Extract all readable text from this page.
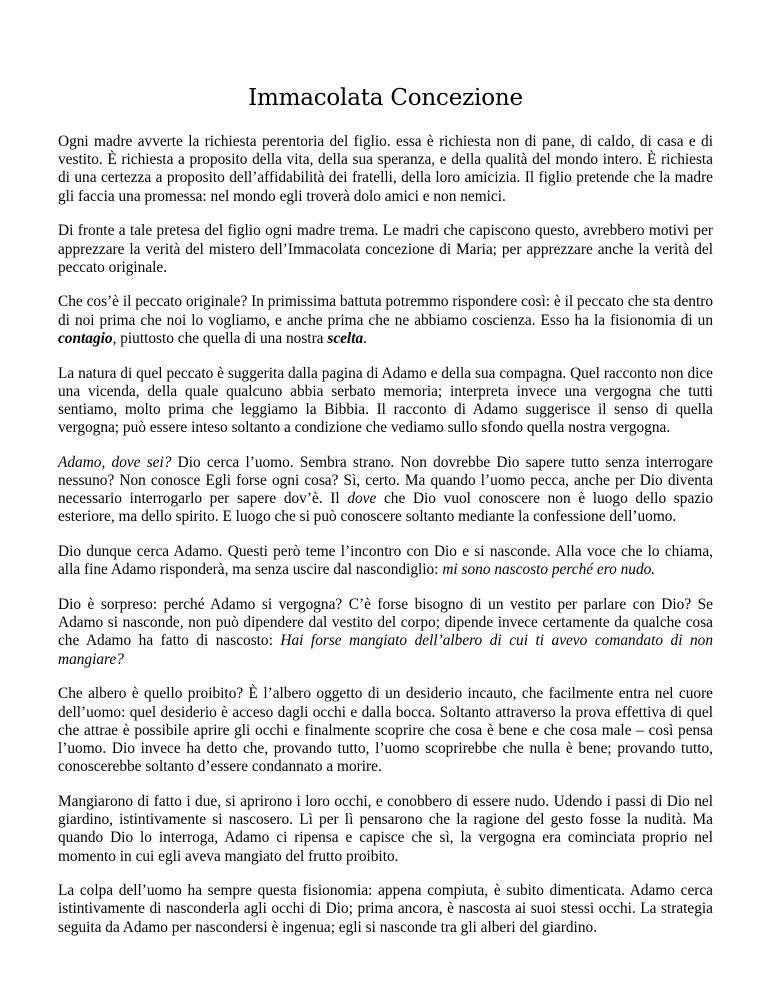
Immacolata Concezione

Ogni madre avverte la richiesta perentoria del figlio. essa è richiesta non di pane, di caldo, di casa e di vestito. È richiesta a proposito della vita, della sua speranza, e della qualità del mondo intero. È richiesta di una certezza a proposito dell’affidabilità dei fratelli, della loro amicizia. Il figlio pretende che la madre gli faccia una promessa: nel mondo egli troverà dolo amici e non nemici.

Di fronte a tale pretesa del figlio ogni madre trema. Le madri che capiscono questo, avrebbero motivi per apprezzare la verità del mistero dell’Immacolata concezione di Maria; per apprezzare anche la verità del peccato originale.

Che cos’è il peccato originale? In primissima battuta potremmo rispondere così: è il peccato che sta dentro di noi prima che noi lo vogliamo, e anche prima che ne abbiamo coscienza. Esso ha la fisionomia di un contagio, piuttosto che quella di una nostra scelta.

La natura di quel peccato è suggerita dalla pagina di Adamo e della sua compagna. Quel racconto non dice una vicenda, della quale qualcuno abbia serbato memoria; interpreta invece una vergogna che tutti sentiamo, molto prima che leggiamo la Bibbia. Il racconto di Adamo suggerisce il senso di quella vergogna; può essere inteso soltanto a condizione che vediamo sullo sfondo quella nostra vergogna.

Adamo, dove sei? Dio cerca l’uomo. Sembra strano. Non dovrebbe Dio sapere tutto senza interrogare nessuno? Non conosce Egli forse ogni cosa? Sì, certo. Ma quando l’uomo pecca, anche per Dio diventa necessario interrogarlo per sapere dov’è. Il dove che Dio vuol conoscere non è luogo dello spazio esteriore, ma dello spirito. E luogo che si può conoscere soltanto mediante la confessione dell’uomo.

Dio dunque cerca Adamo. Questi però teme l’incontro con Dio e si nasconde. Alla voce che lo chiama, alla fine Adamo risponderà, ma senza uscire dal nascondiglio: mi sono nascosto perché ero nudo.

Dio è sorpreso: perché Adamo si vergogna? C’è forse bisogno di un vestito per parlare con Dio? Se Adamo si nasconde, non può dipendere dal vestito del corpo; dipende invece certamente da qualche cosa che Adamo ha fatto di nascosto: Hai forse mangiato dell’albero di cui ti avevo comandato di non mangiare?

Che albero è quello proibito? È l’albero oggetto di un desiderio incauto, che facilmente entra nel cuore dell’uomo: quel desiderio è acceso dagli occhi e dalla bocca. Soltanto attraverso la prova effettiva di quel che attrae è possibile aprire gli occhi e finalmente scoprire che cosa è bene e che cosa male – così pensa l’uomo. Dio invece ha detto che, provando tutto, l’uomo scoprirebbe che nulla è bene; provando tutto, conoscerebbe soltanto d’essere condannato a morire.

Mangiarono di fatto i due, si aprirono i loro occhi, e conobbero di essere nudo. Udendo i passi di Dio nel giardino, istintivamente si nascosero. Lì per lì pensarono che la ragione del gesto fosse la nudità. Ma quando Dio lo interroga, Adamo ci ripensa e capisce che sì, la vergogna era cominciata proprio nel momento in cui egli aveva mangiato del frutto proibito.

La colpa dell’uomo ha sempre questa fisionomia: appena compiuta, è subito dimenticata. Adamo cerca istintivamente di nasconderla agli occhi di Dio; prima ancora, è nascosta ai suoi stessi occhi. La strategia seguita da Adamo per nascondersi è ingenua; egli si nasconde tra gli alberi del giardino.
